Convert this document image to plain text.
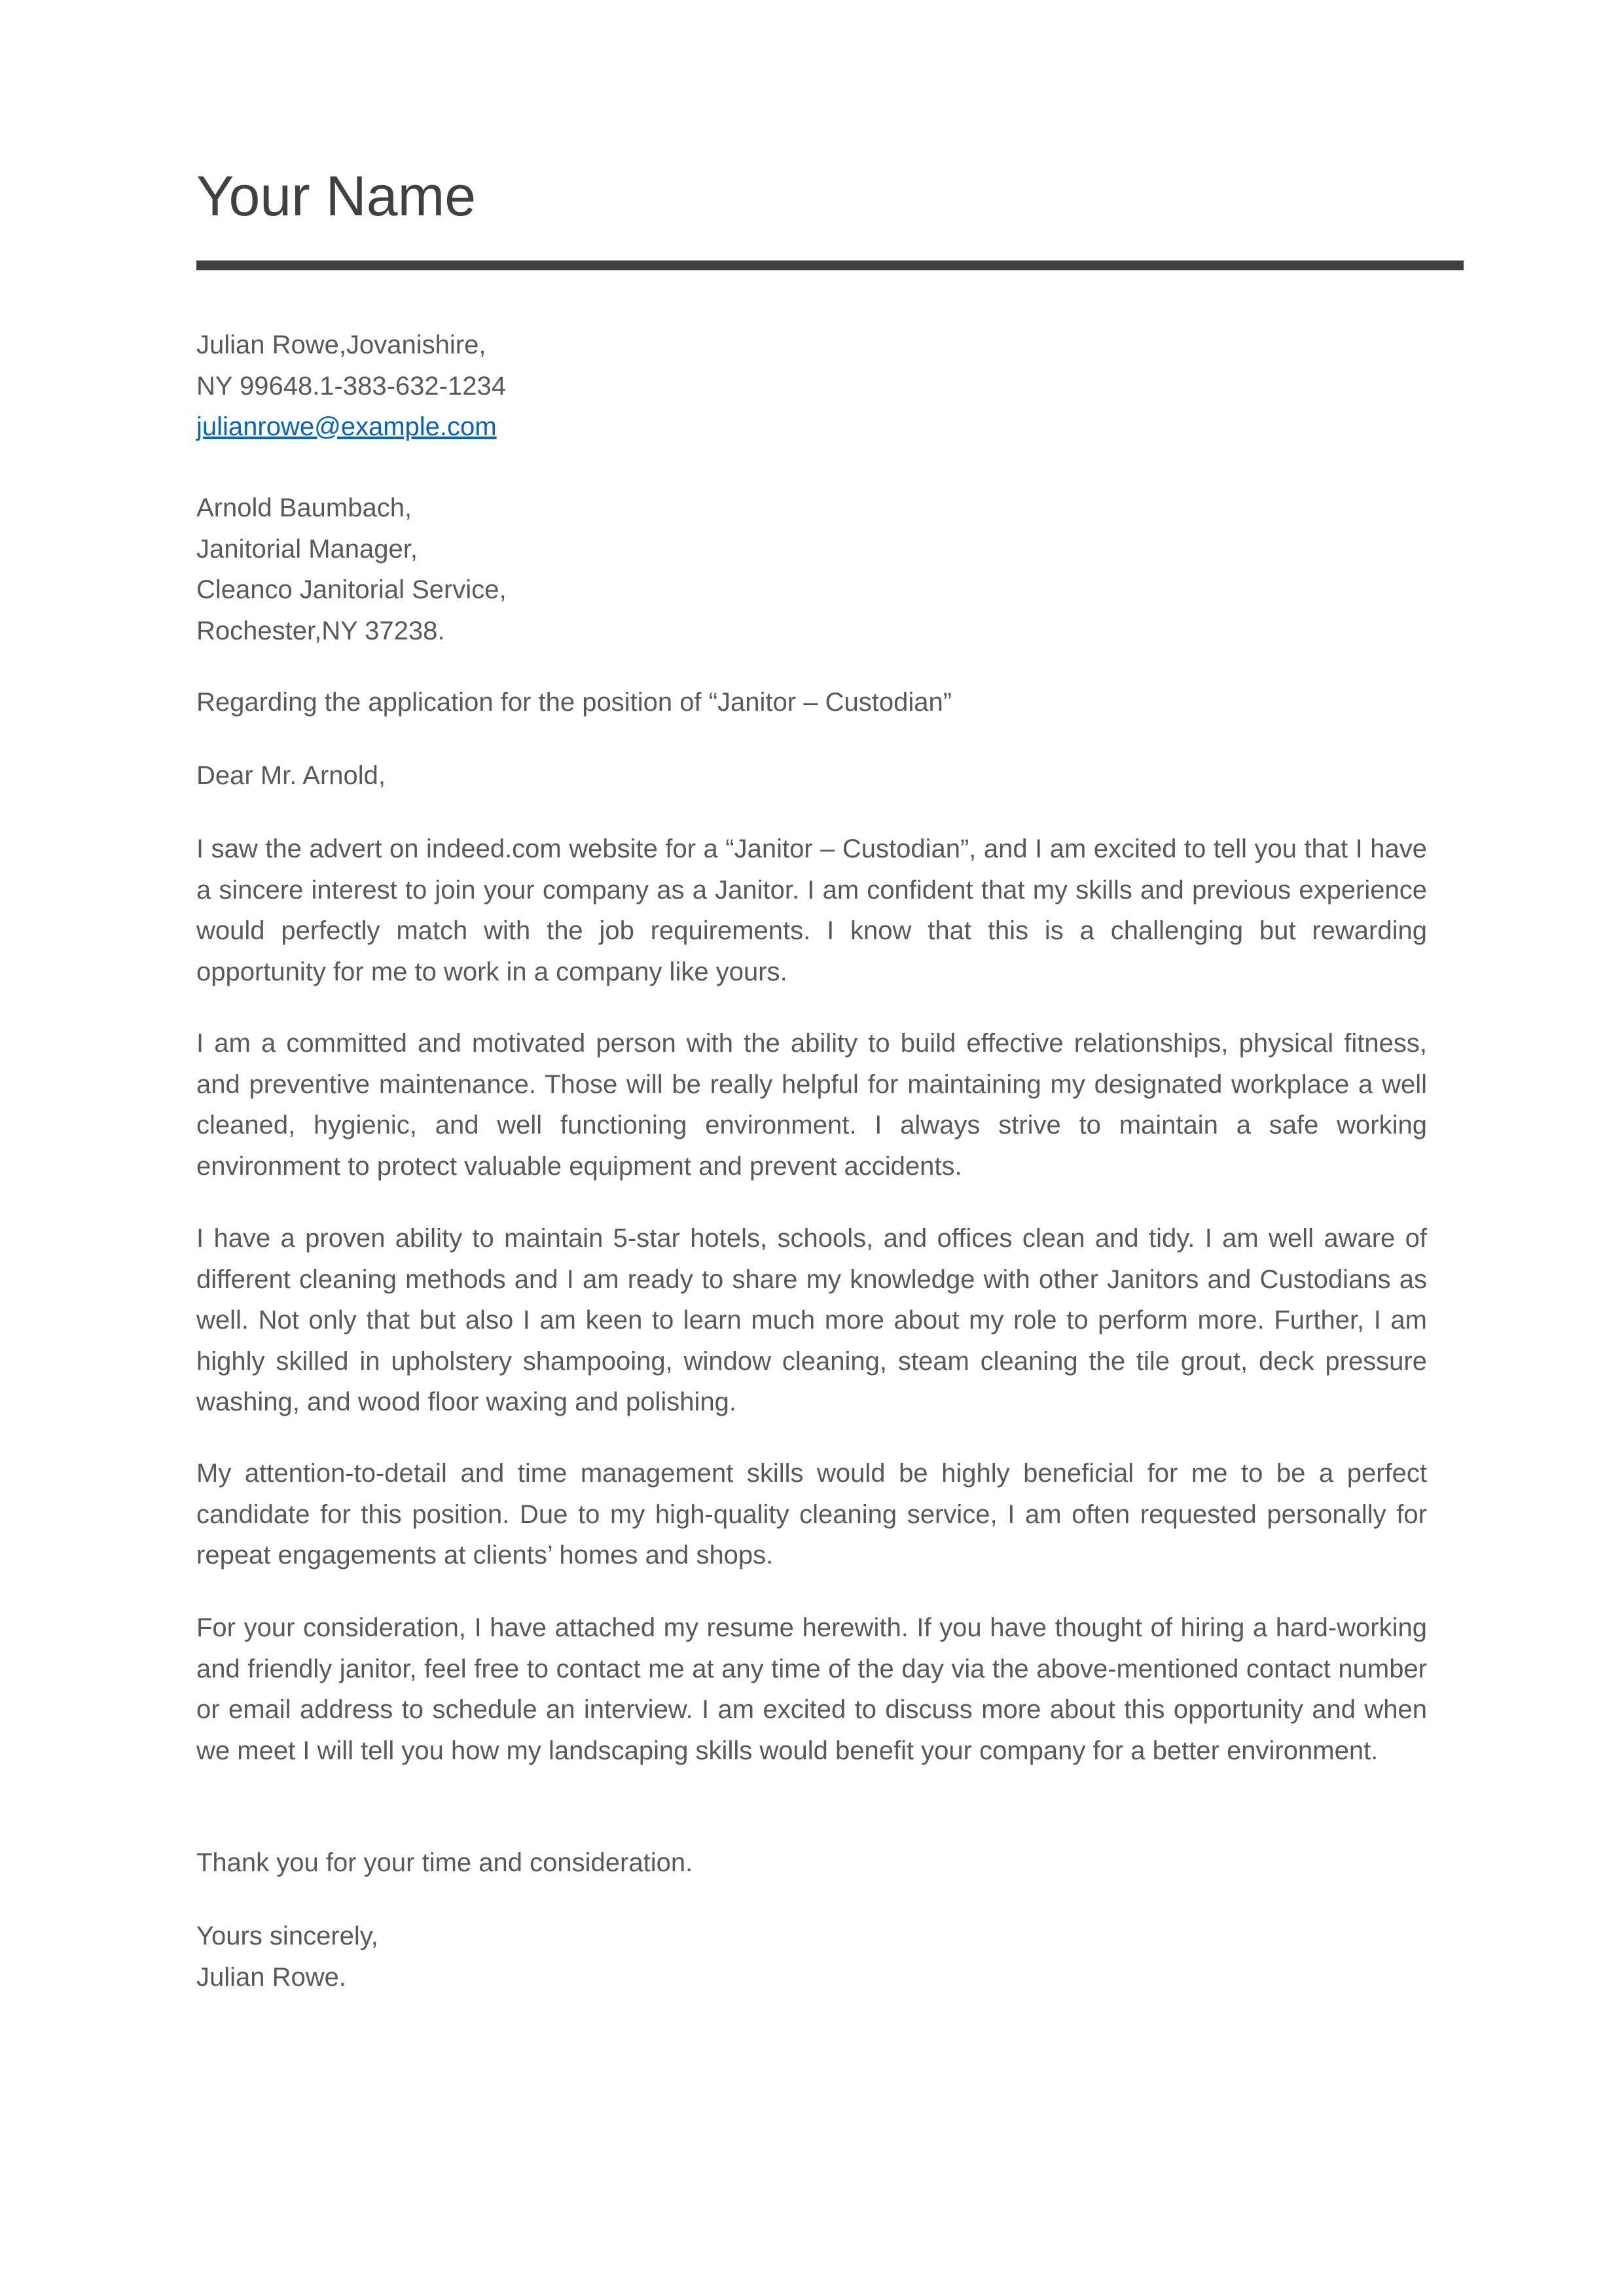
Your Name
Julian Rowe,Jovanishire,
NY 99648.1-383-632-1234
julianrowe@example.com
Arnold Baumbach,
Janitorial Manager,
Cleanco Janitorial Service,
Rochester,NY 37238.

Regarding the application for the position of “Janitor – Custodian”

Dear Mr. Arnold,

I saw the advert on indeed.com website for a “Janitor – Custodian”, and I am excited to tell you that I have a sincere interest to join your company as a Janitor. I am confident that my skills and previous experience would perfectly match with the job requirements. I know that this is a challenging but rewarding opportunity for me to work in a company like yours.

I am a committed and motivated person with the ability to build effective relationships, physical fitness, and preventive maintenance. Those will be really helpful for maintaining my designated workplace a well cleaned, hygienic, and well functioning environment. I always strive to maintain a safe working environment to protect valuable equipment and prevent accidents.

I have a proven ability to maintain 5-star hotels, schools, and offices clean and tidy. I am well aware of different cleaning methods and I am ready to share my knowledge with other Janitors and Custodians as well. Not only that but also I am keen to learn much more about my role to perform more. Further, I am highly skilled in upholstery shampooing, window cleaning, steam cleaning the tile grout, deck pressure washing, and wood floor waxing and polishing.

My attention-to-detail and time management skills would be highly beneficial for me to be a perfect candidate for this position. Due to my high-quality cleaning service, I am often requested personally for repeat engagements at clients’ homes and shops.

For your consideration, I have attached my resume herewith. If you have thought of hiring a hard-working and friendly janitor, feel free to contact me at any time of the day via the above-mentioned contact number or email address to schedule an interview. I am excited to discuss more about this opportunity and when we meet I will tell you how my landscaping skills would benefit your company for a better environment.

Thank you for your time and consideration.

Yours sincerely,
Julian Rowe.
